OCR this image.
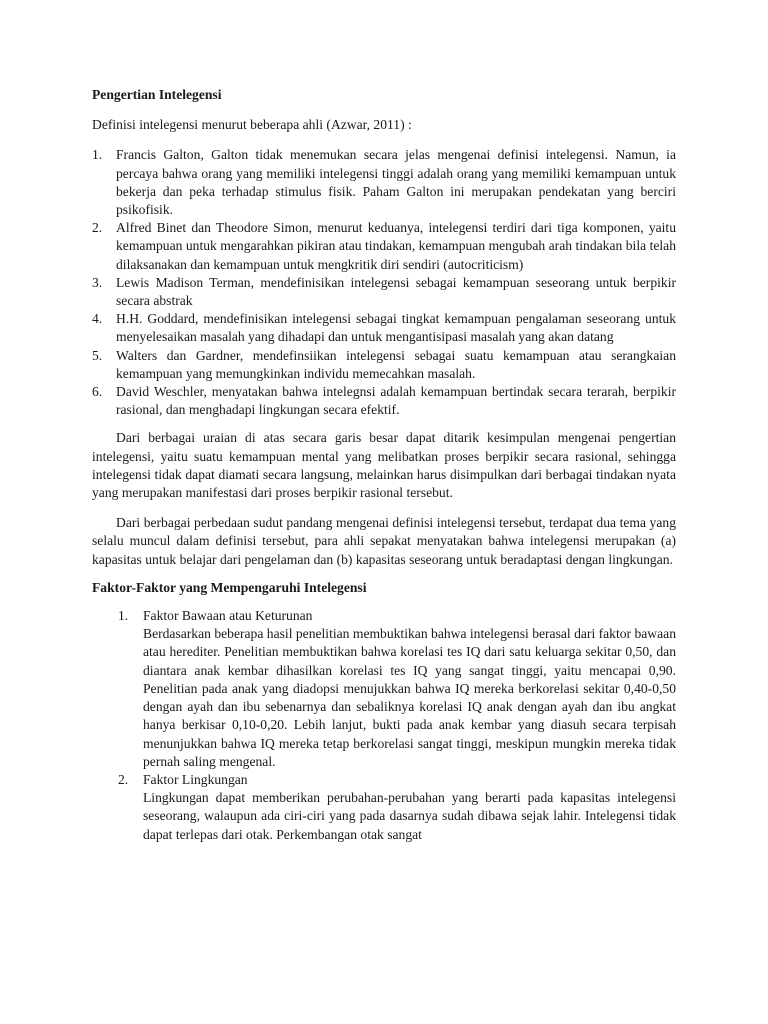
Pengertian Intelegensi

Definisi intelegensi menurut beberapa ahli (Azwar, 2011) :

1. Francis Galton, Galton tidak menemukan secara jelas mengenai definisi intelegensi. Namun, ia percaya bahwa orang yang memiliki intelegensi tinggi adalah orang yang memiliki kemampuan untuk bekerja dan peka terhadap stimulus fisik. Paham Galton ini merupakan pendekatan yang berciri psikofisik.
2. Alfred Binet dan Theodore Simon, menurut keduanya, intelegensi terdiri dari tiga komponen, yaitu kemampuan untuk mengarahkan pikiran atau tindakan, kemampuan mengubah arah tindakan bila telah dilaksanakan dan kemampuan untuk mengkritik diri sendiri (autocriticism)
3. Lewis Madison Terman, mendefinisikan intelegensi sebagai kemampuan seseorang untuk berpikir secara abstrak
4. H.H. Goddard, mendefinisikan intelegensi sebagai tingkat kemampuan pengalaman seseorang untuk menyelesaikan masalah yang dihadapi dan untuk mengantisipasi masalah yang akan datang
5. Walters dan Gardner, mendefinsiikan intelegensi sebagai suatu kemampuan atau serangkaian kemampuan yang memungkinkan individu memecahkan masalah.
6. David Weschler, menyatakan bahwa intelegnsi adalah kemampuan bertindak secara terarah, berpikir rasional, dan menghadapi lingkungan secara efektif.

Dari berbagai uraian di atas secara garis besar dapat ditarik kesimpulan mengenai pengertian intelegensi, yaitu suatu kemampuan mental yang melibatkan proses berpikir secara rasional, sehingga intelegensi tidak dapat diamati secara langsung, melainkan harus disimpulkan dari berbagai tindakan nyata yang merupakan manifestasi dari proses berpikir rasional tersebut.

Dari berbagai perbedaan sudut pandang mengenai definisi intelegensi tersebut, terdapat dua tema yang selalu muncul dalam definisi tersebut, para ahli sepakat menyatakan bahwa intelegensi merupakan (a) kapasitas untuk belajar dari pengelaman dan (b) kapasitas seseorang untuk beradaptasi dengan lingkungan.

Faktor-Faktor yang Mempengaruhi Intelegensi
1. Faktor Bawaan atau Keturunan
Berdasarkan beberapa hasil penelitian membuktikan bahwa intelegensi berasal dari faktor bawaan atau herediter. Penelitian membuktikan bahwa korelasi tes IQ dari satu keluarga sekitar 0,50, dan diantara anak kembar dihasilkan korelasi tes IQ yang sangat tinggi, yaitu mencapai 0,90. Penelitian pada anak yang diadopsi menujukkan bahwa IQ mereka berkorelasi sekitar 0,40-0,50 dengan ayah dan ibu sebenarnya dan sebaliknya korelasi IQ anak dengan ayah dan ibu angkat hanya berkisar 0,10-0,20. Lebih lanjut, bukti pada anak kembar yang diasuh secara terpisah menunjukkan bahwa IQ mereka tetap berkorelasi sangat tinggi, meskipun mungkin mereka tidak pernah saling mengenal.
2. Faktor Lingkungan
Lingkungan dapat memberikan perubahan-perubahan yang berarti pada kapasitas intelegensi seseorang, walaupun ada ciri-ciri yang pada dasarnya sudah dibawa sejak lahir. Intelegensi tidak dapat terlepas dari otak. Perkembangan otak sangat
